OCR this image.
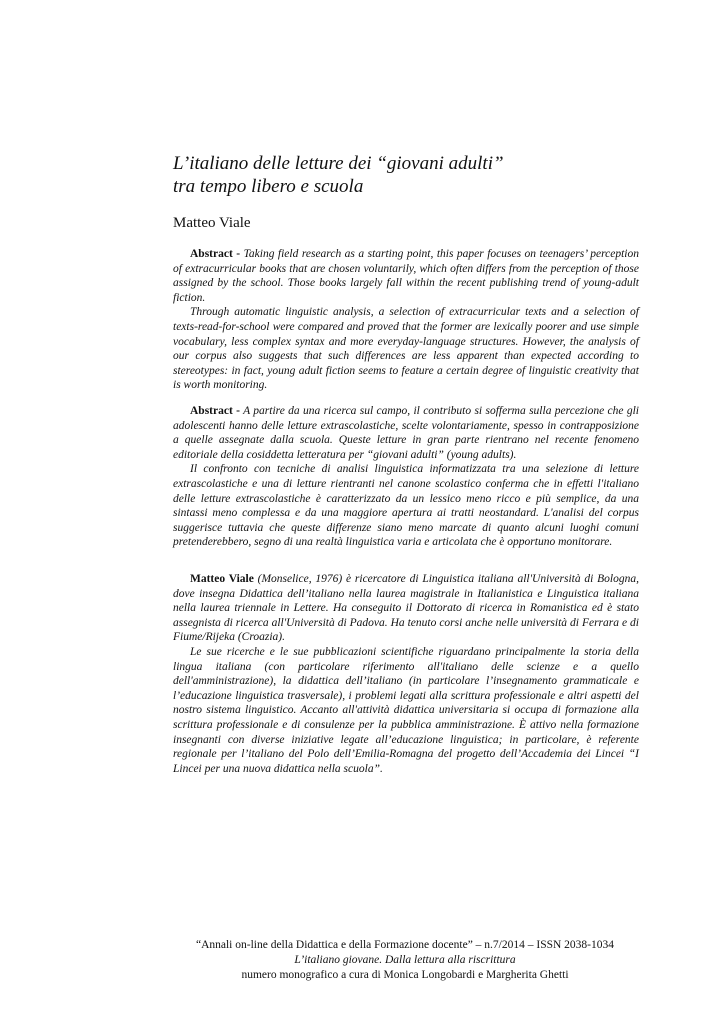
L’italiano delle letture dei “giovani adulti”
tra tempo libero e scuola
Matteo Viale

Abstract - Taking field research as a starting point, this paper focuses on teenagers’ perception of extracurricular books that are chosen voluntarily, which often differs from the perception of those assigned by the school. Those books largely fall within the recent publishing trend of young-adult fiction.

Through automatic linguistic analysis, a selection of extracurricular texts and a selection of texts-read-for-school were compared and proved that the former are lexically poorer and use simple vocabulary, less complex syntax and more everyday-language structures. However, the analysis of our corpus also suggests that such differences are less apparent than expected according to stereotypes: in fact, young adult fiction seems to feature a certain degree of linguistic creativity that is worth monitoring.

Abstract - A partire da una ricerca sul campo, il contributo si sofferma sulla percezione che gli adolescenti hanno delle letture extrascolastiche, scelte volontariamente, spesso in contrapposizione a quelle assegnate dalla scuola. Queste letture in gran parte rientrano nel recente fenomeno editoriale della cosiddetta letteratura per “giovani adulti” (young adults).

Il confronto con tecniche di analisi linguistica informatizzata tra una selezione di letture extrascolastiche e una di letture rientranti nel canone scolastico conferma che in effetti l'italiano delle letture extrascolastiche è caratterizzato da un lessico meno ricco e più semplice, da una sintassi meno complessa e da una maggiore apertura ai tratti neostandard. L'analisi del corpus suggerisce tuttavia che queste differenze siano meno marcate di quanto alcuni luoghi comuni pretenderebbero, segno di una realtà linguistica varia e articolata che è opportuno monitorare.

Matteo Viale (Monselice, 1976) è ricercatore di Linguistica italiana all'Università di Bologna, dove insegna Didattica dell’italiano nella laurea magistrale in Italianistica e Linguistica italiana nella laurea triennale in Lettere. Ha conseguito il Dottorato di ricerca in Romanistica ed è stato assegnista di ricerca all'Università di Padova. Ha tenuto corsi anche nelle università di Ferrara e di Fiume/Rijeka (Croazia).

Le sue ricerche e le sue pubblicazioni scientifiche riguardano principalmente la storia della lingua italiana (con particolare riferimento all'italiano delle scienze e a quello dell'amministrazione), la didattica dell’italiano (in particolare l’insegnamento grammaticale e l’educazione linguistica trasversale), i problemi legati alla scrittura professionale e altri aspetti del nostro sistema linguistico. Accanto all'attività didattica universitaria si occupa di formazione alla scrittura professionale e di consulenze per la pubblica amministrazione. È attivo nella formazione insegnanti con diverse iniziative legate all’educazione linguistica; in particolare, è referente regionale per l’italiano del Polo dell’Emilia-Romagna del progetto dell’Accademia dei Lincei “I Lincei per una nuova didattica nella scuola”.

“Annali on-line della Didattica e della Formazione docente” – n.7/2014 – ISSN 2038-1034
L’italiano giovane. Dalla lettura alla riscrittura
numero monografico a cura di Monica Longobardi e Margherita Ghetti
